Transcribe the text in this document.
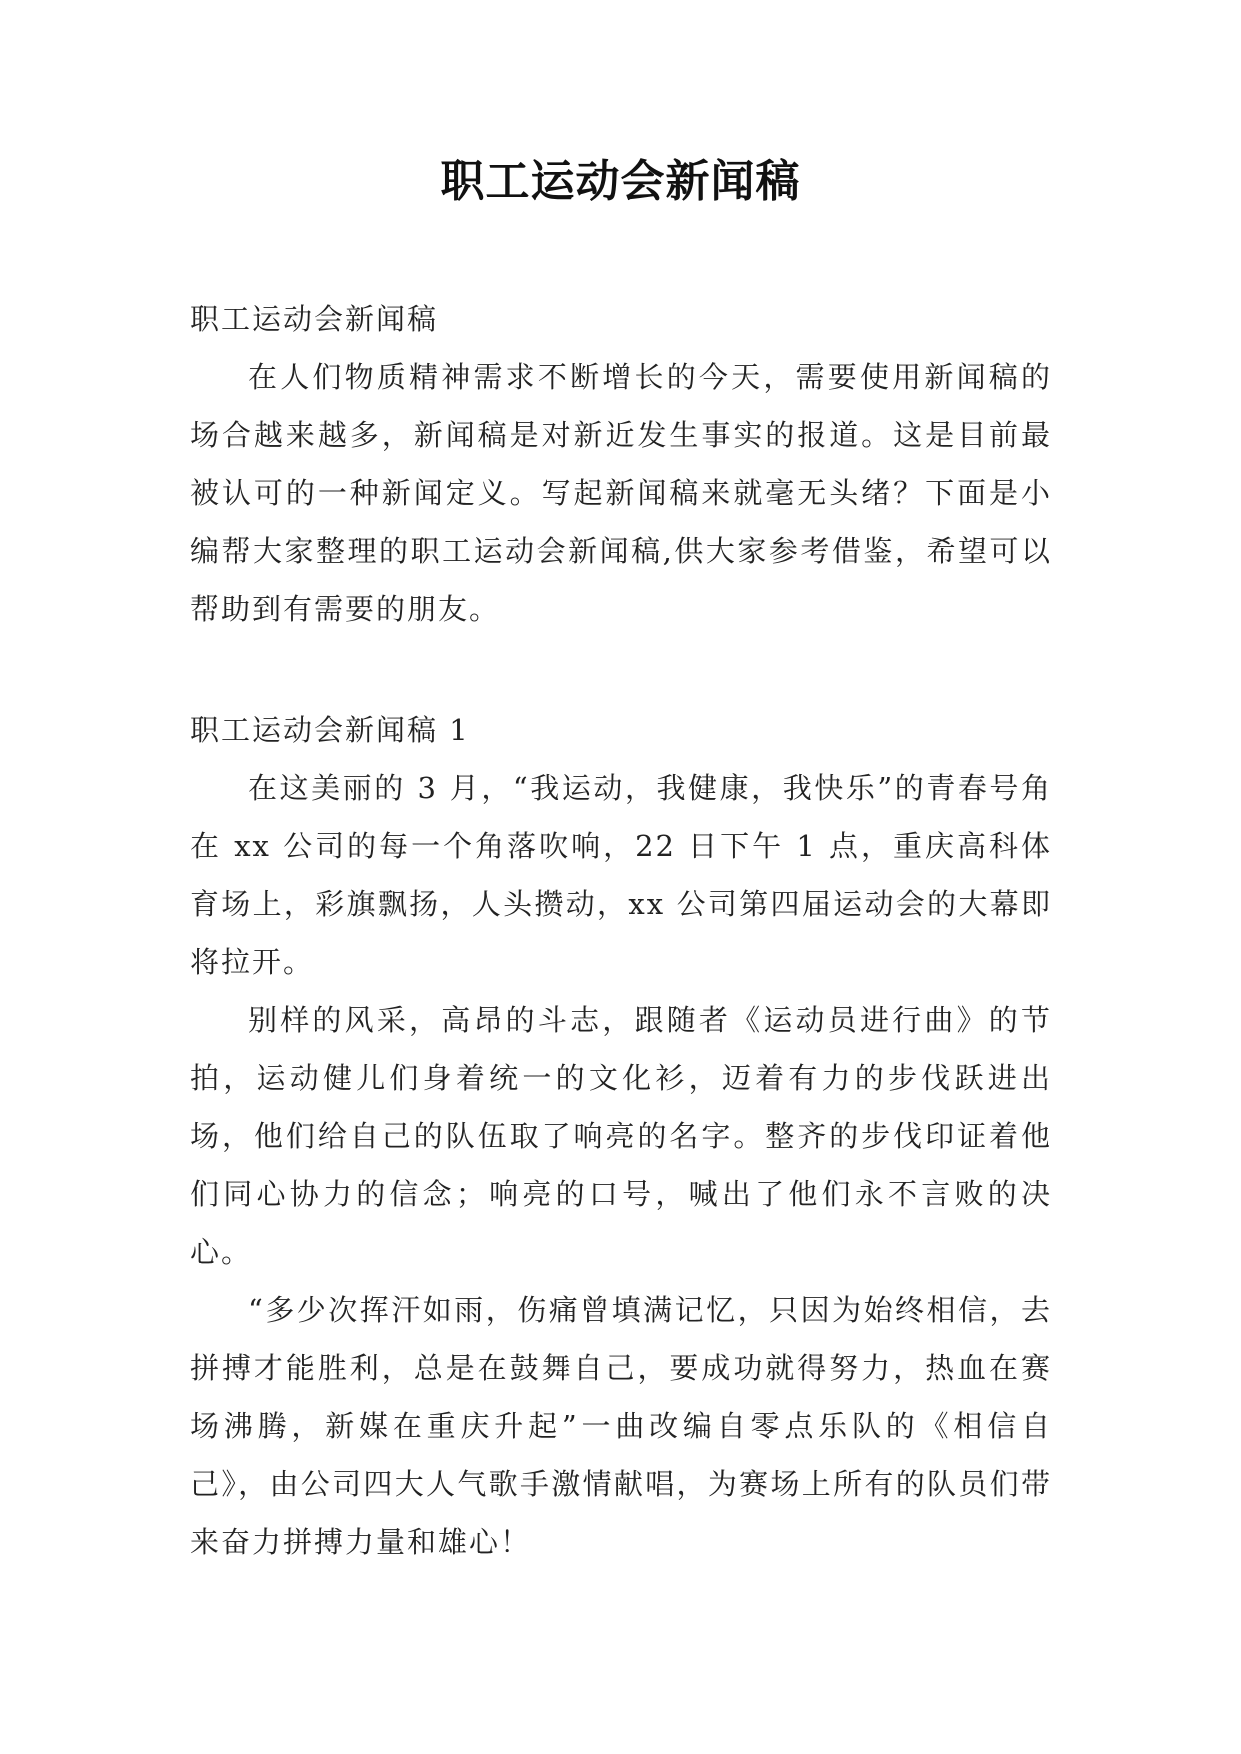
职工运动会新闻稿

职工运动会新闻稿

在人们物质精神需求不断增长的今天，需要使用新闻稿的场合越来越多，新闻稿是对新近发生事实的报道。这是目前最被认可的一种新闻定义。写起新闻稿来就毫无头绪？下面是小编帮大家整理的职工运动会新闻稿,供大家参考借鉴，希望可以帮助到有需要的朋友。

职工运动会新闻稿 1

在这美丽的 3 月，“我运动，我健康，我快乐”的青春号角在 xx 公司的每一个角落吹响，22 日下午 1 点，重庆高科体育场上，彩旗飘扬，人头攒动，xx 公司第四届运动会的大幕即将拉开。

别样的风采，高昂的斗志，跟随者《运动员进行曲》的节拍，运动健儿们身着统一的文化衫，迈着有力的步伐跃进出场，他们给自己的队伍取了响亮的名字。整齐的步伐印证着他们同心协力的信念；响亮的口号，喊出了他们永不言败的决心。

“多少次挥汗如雨，伤痛曾填满记忆，只因为始终相信，去拼搏才能胜利，总是在鼓舞自己，要成功就得努力，热血在赛场沸腾，新媒在重庆升起”一曲改编自零点乐队的《相信自己》，由公司四大人气歌手激情献唱，为赛场上所有的队员们带来奋力拼搏力量和雄心！
